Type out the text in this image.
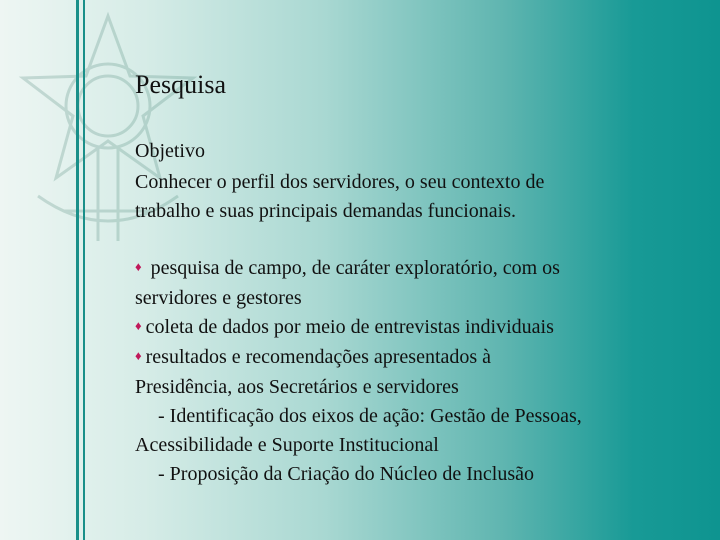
Pesquisa
Objetivo
Conhecer o perfil dos servidores, o seu contexto de
trabalho e suas principais demandas funcionais.
♦ pesquisa de campo, de caráter exploratório, com os
servidores e gestores
♦ coleta de dados por meio de entrevistas individuais
♦ resultados e recomendações apresentados à
Presidência, aos Secretários e servidores
- Identificação dos eixos de ação: Gestão de Pessoas,
Acessibilidade e Suporte Institucional
- Proposição da Criação do Núcleo de Inclusão
